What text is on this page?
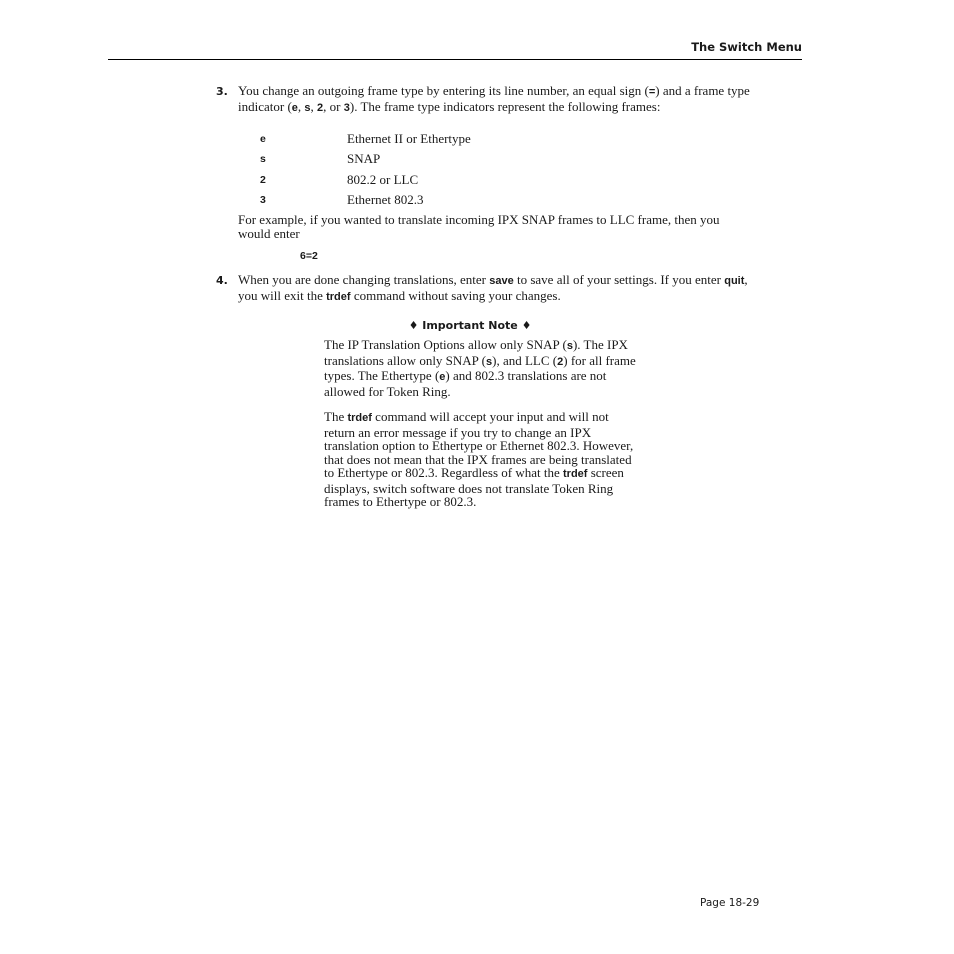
The Switch Menu
3. You change an outgoing frame type by entering its line number, an equal sign (=) and a frame type indicator (e, s, 2, or 3). The frame type indicators represent the following frames:
e	Ethernet II or Ethertype
s	SNAP
2	802.2 or LLC
3	Ethernet 802.3
For example, if you wanted to translate incoming IPX SNAP frames to LLC frame, then you would enter
6=2
4. When you are done changing translations, enter save to save all of your settings. If you enter quit, you will exit the trdef command without saving your changes.
♦ Important Note ♦
The IP Translation Options allow only SNAP (s). The IPX translations allow only SNAP (s), and LLC (2) for all frame types. The Ethertype (e) and 802.3 translations are not allowed for Token Ring.
The trdef command will accept your input and will not return an error message if you try to change an IPX translation option to Ethertype or Ethernet 802.3. However, that does not mean that the IPX frames are being translated to Ethertype or 802.3. Regardless of what the trdef screen displays, switch software does not translate Token Ring frames to Ethertype or 802.3.
Page 18-29
